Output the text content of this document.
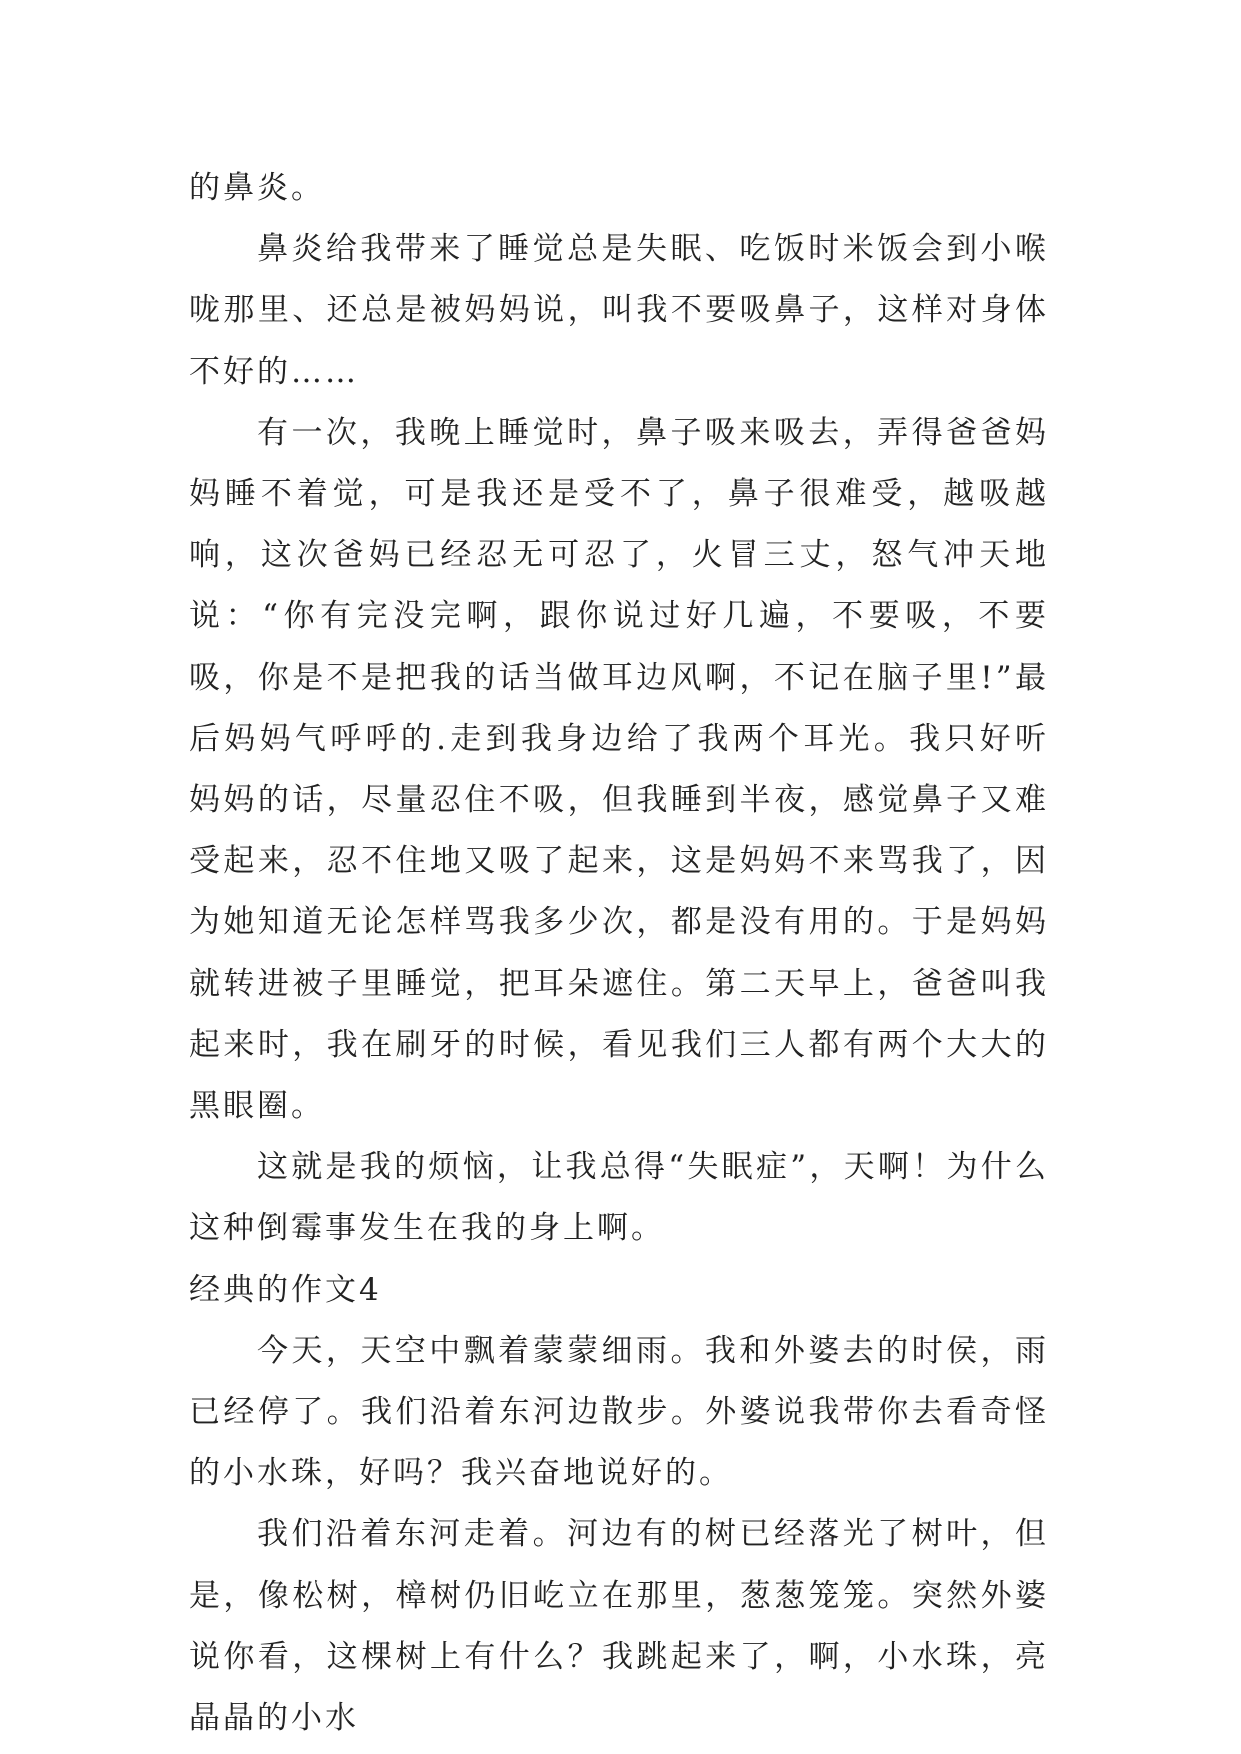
的鼻炎。

鼻炎给我带来了睡觉总是失眠、吃饭时米饭会到小喉咙那里、还总是被妈妈说，叫我不要吸鼻子，这样对身体不好的……

有一次，我晚上睡觉时，鼻子吸来吸去，弄得爸爸妈妈睡不着觉，可是我还是受不了，鼻子很难受，越吸越响，这次爸妈已经忍无可忍了，火冒三丈，怒气冲天地说：“你有完没完啊，跟你说过好几遍，不要吸，不要吸，你是不是把我的话当做耳边风啊，不记在脑子里!”最后妈妈气呼呼的.走到我身边给了我两个耳光。我只好听妈妈的话，尽量忍住不吸，但我睡到半夜，感觉鼻子又难受起来，忍不住地又吸了起来，这是妈妈不来骂我了，因为她知道无论怎样骂我多少次，都是没有用的。于是妈妈就转进被子里睡觉，把耳朵遮住。第二天早上，爸爸叫我起来时，我在刷牙的时候，看见我们三人都有两个大大的黑眼圈。

这就是我的烦恼，让我总得“失眠症”，天啊！为什么这种倒霉事发生在我的身上啊。

经典的作文4

今天，天空中飘着蒙蒙细雨。我和外婆去的时侯，雨已经停了。我们沿着东河边散步。外婆说我带你去看奇怪的小水珠，好吗？我兴奋地说好的。

我们沿着东河走着。河边有的树已经落光了树叶，但是，像松树，樟树仍旧屹立在那里，葱葱笼笼。突然外婆说你看，这棵树上有什么？我跳起来了，啊，小水珠，亮晶晶的小水
